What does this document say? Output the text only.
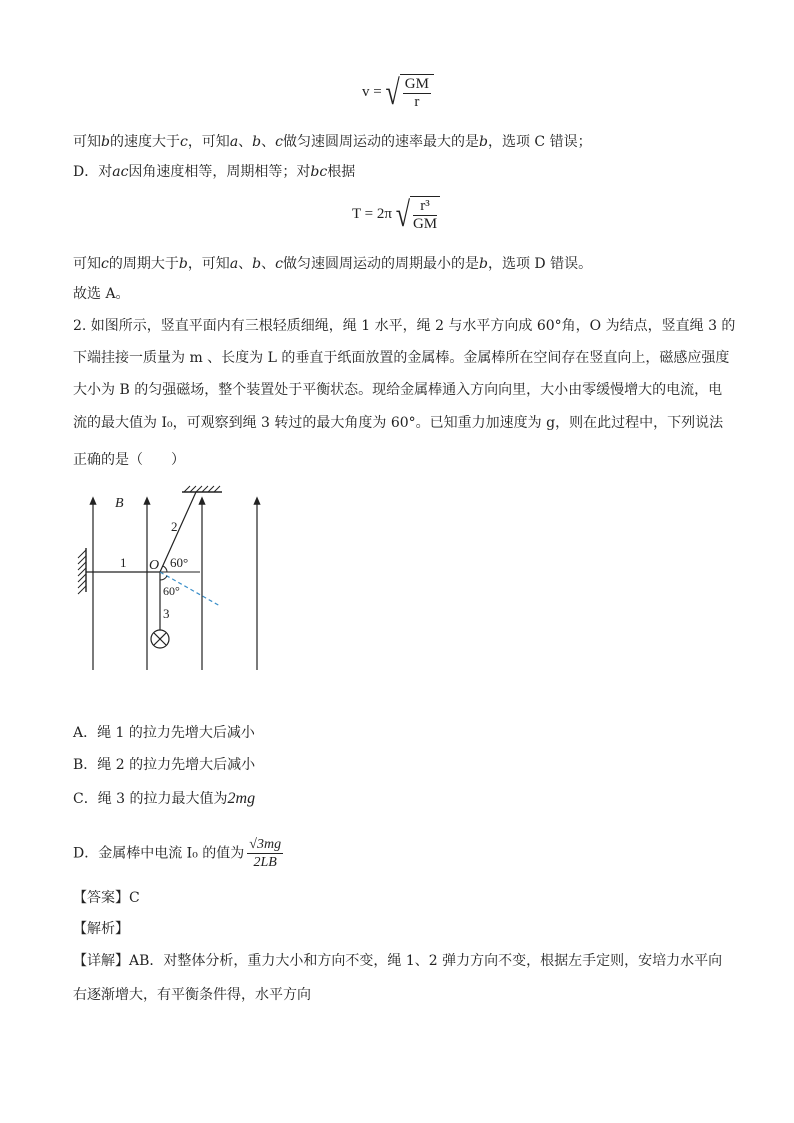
v = √ $\frac{GM}{r}$
可知b的速度大于c，可知a、b、c做匀速圆周运动的速率最大的是b，选项 C 错误；
D．对ac因角速度相等，周期相等；对bc根据
T = 2π √ $\frac{\text{r³}}{GM}$
可知c的周期大于b，可知a、b、c做匀速圆周运动的周期最小的是b，选项 D 错误。
故选 A。
2. 如图所示，竖直平面内有三根轻质细绳，绳 1 水平，绳 2 与水平方向成 60°角，O 为结点，竖直绳 3 的
下端挂接一质量为 m 、长度为 L 的垂直于纸面放置的金属棒。金属棒所在空间存在竖直向上，磁感应强度
大小为 B 的匀强磁场，整个装置处于平衡状态。现给金属棒通入方向向里，大小由零缓慢增大的电流，电
流的最大值为 I₀，可观察到绳 3 转过的最大角度为 60°。已知重力加速度为 g，则在此过程中，下列说法
正确的是（　　）
B
1
2
3
O 60°
60°
A．绳 1 的拉力先增大后减小
B．绳 2 的拉力先增大后减小
C．绳 3 的拉力最大值为2mg
D．金属棒中电流 I₀ 的值为 $\frac{√3mg}{2LB}$
【答案】C
【解析】
【详解】AB．对整体分析，重力大小和方向不变，绳 1、2 弹力方向不变，根据左手定则，安培力水平向
右逐渐增大，有平衡条件得，水平方向
